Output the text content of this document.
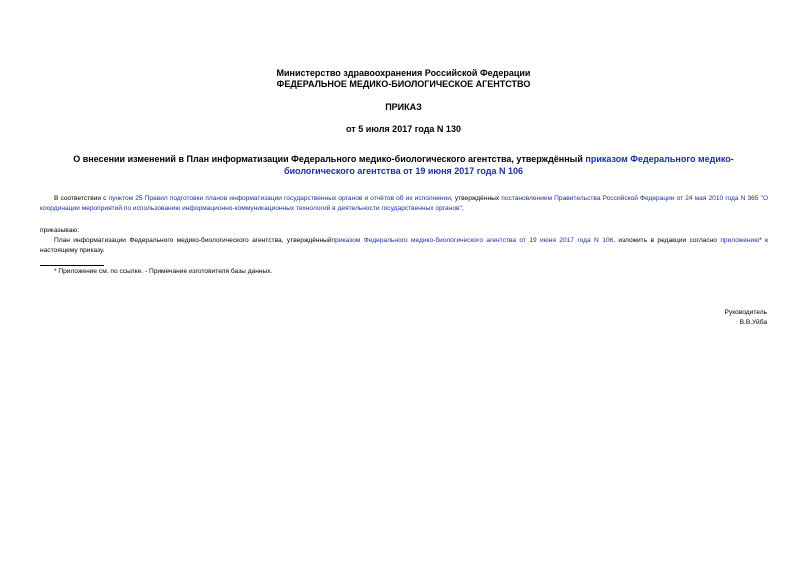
Министерство здравоохранения Российской Федерации
ФЕДЕРАЛЬНОЕ МЕДИКО-БИОЛОГИЧЕСКОЕ АГЕНТСТВО
ПРИКАЗ
от 5 июля 2017 года N 130
О внесении изменений в План информатизации Федерального медико-биологического агентства, утверждённый приказом Федерального медико-биологического агентства от 19 июня 2017 года N 106
В соответствии с пунктом 25 Правил подготовки планов информатизации государственных органов и отчётов об их исполнении, утверждённых постановлением Правительства Российской Федерации от 24 мая 2010 года N 365 "О координации мероприятий по использованию информационно-коммуникационных технологий в деятельности государственных органов",
приказываю:
План информатизации Федерального медико-биологического агентства, утверждённыйприказом Федерального медико-биологического агентства от 19 июня 2017 года N 106, изложить в редакции согласно приложению* к настоящему приказу.
* Приложение см. по ссылке. - Примечание изготовителя базы данных.
Руководитель
В.В.Уйба
